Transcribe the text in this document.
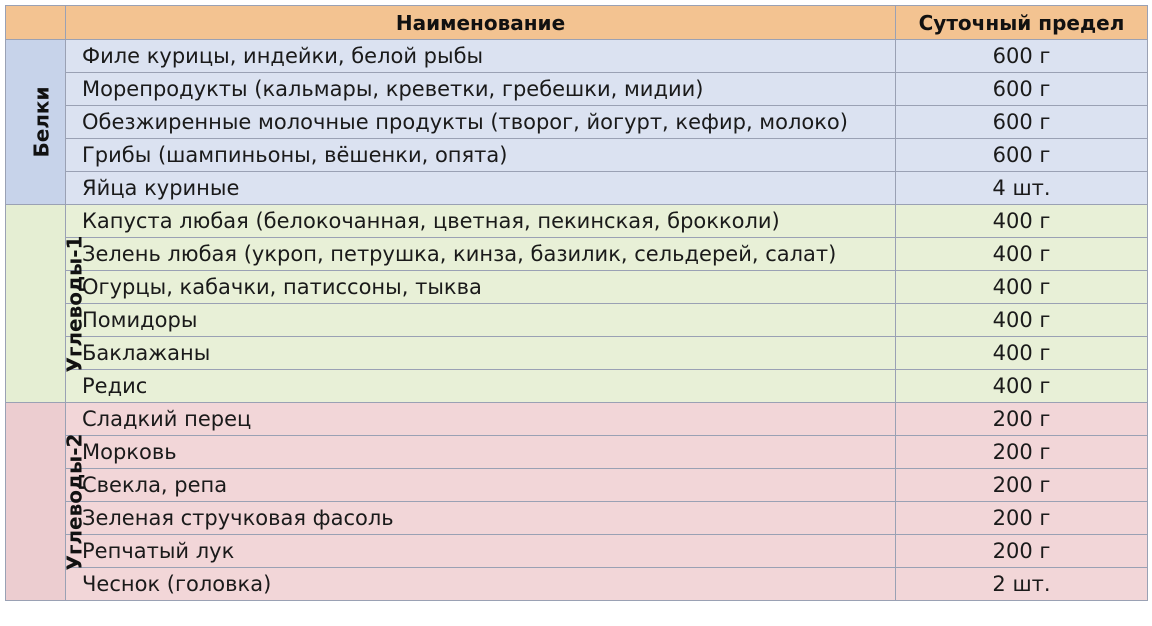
	Наименование	Суточный предел
Белки	Филе курицы, индейки, белой рыбы	600 г
	Морепродукты (кальмары, креветки, гребешки, мидии)	600 г
	Обезжиренные молочные продукты (творог, йогурт, кефир, молоко)	600 г
	Грибы (шампиньоны, вёшенки, опята)	600 г
	Яйца куриные	4 шт.
Углеводы-1	Капуста любая (белокочанная, цветная, пекинская, брокколи)	400 г
	Зелень любая (укроп, петрушка, кинза, базилик, сельдерей, салат)	400 г
	Огурцы, кабачки, патиссоны, тыква	400 г
	Помидоры	400 г
	Баклажаны	400 г
	Редис	400 г
Углеводы-2	Сладкий перец	200 г
	Морковь	200 г
	Свекла, репа	200 г
	Зеленая стручковая фасоль	200 г
	Репчатый лук	200 г
	Чеснок (головка)	2 шт.
